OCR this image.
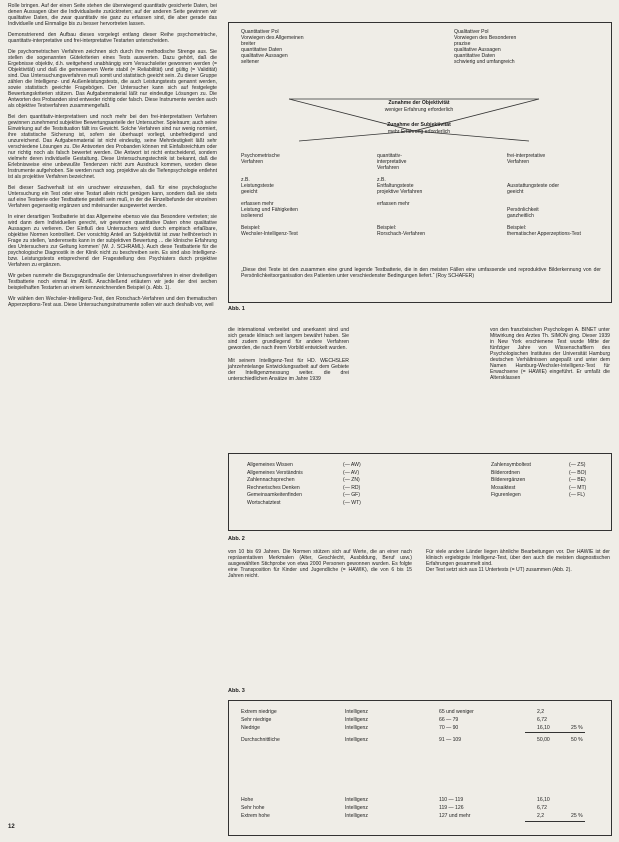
Rolle bringen. Auf der einen Seite stehen die überwiegend quantitativ gesicherte Daten, bei denen Aussagen über die Individualseite zurücktreten; auf der anderen Seite gewinnen wir qualitative Daten, die zwar quantitativ nie ganz zu erfassen sind, die aber gerade das Individuelle und Einmalige bis zu besser hervortreten lassen.

Demonstrierend den Aufbau dieses vorgelegt entlang dieser Reihe psychometrische, quantitativ-interpretative und frei-interpretative Testarten unterscheiden.

Die psychometrischen Verfahren zeichnen sich durch ihre methodische Strenge aus. Sie stellen die sogenannten Gütekriterien eines Tests auswerten. Dazu gehört, daß die Ergebnisse objektiv, d.h. weitgehend unabhängig vom Versuchsleiter gewonnen werden (= Objektivität) und daß die gemessenen Werte stabil (= Reliabilität) und gültig (= Validität) sind. Das Untersuchungsverfahren muß somit und statistisch geeicht sein. Zu dieser Gruppe zählen die Intelligenz- und Außenleistungstests, die auch Leistungstests genannt werden, sowie statistisch geeichte Fragebögen. Der Untersucher kann sich auf festgelegte Bewertungskriterien stützen. Das Aufgabenmaterial läßt nur eindeutige Lösungen zu. Die Antworten des Probanden sind entweder richtig oder falsch. Diese Instrumente werden auch als objektive Testverfahren zusammengefaßt.

Bei den quantitativ-interpretativen und noch mehr bei den frei-interpretativen Verfahren gewinnen zunehmend subjektive Bewertungsanteile der Untersucher. Spielraum; auch seine Einwirkung auf die Testsituation fällt ins Gewicht. Solche Verfahren sind nur wenig normiert, ihre statistische Sicherung ist, sofern sie überhaupt vorliegt, unbefriedigend und unzureichend. Das Aufgabenmaterial ist nicht eindeutig, seine Mehrdeutigkeit läßt sehr verschiedene Lösungen zu. Die Antworten des Probanden können mit Einfallsreichtum oder nur richtig noch als falsch bewertet werden. Die Antwort ist nicht entscheidend, sondern vielmehr deren individuelle Gestaltung. Diese Untersuchungstechnik ist bekannt, daß die Erlebnisweise eine unbewußte Tendenzen nicht zum Ausdruck kommen, worden diese Instrumente aufgehoben. Sie werden nach sog. projektive als die Tiefenpsychologie entlehnt ist als projektive Verfahren bezeichnet.

Bei dieser Sachverhalt ist ein unschwer einzusehen, daß für eine psychologische Untersuchung ein Test oder eine Testart allein nicht genügen kann, sondern daß sie stets auf eine Testserie oder Testbatterie gestellt sein muß, in der die Einzelbefunde der einzelnen Verfahren gegenseitig ergänzen und miteinander ausgewertet werden.

In einer derartigen Testbatterie ist das Allgemeine ebenso wie das Besondere vertreten; sie wird dann dem Individuellen gerecht, wir gewinnen quantitative Daten ohne qualitative Aussagen zu verlieren. Der Einfluß des Untersuchers wird durch empirisch erfaßbare, objektive Normen kontrolliert. Der vorsichtig Anteil an Subjektivität ist zwar hellhörerisch in Frage zu stellen, 'andererseits kann in der subjektiven Bewertung ... die klinische Erfahrung des Untersuchers zur Geltung kommen' (W. J. SCHRAML). Auch diese Testbatterie für die psychologische Diagnostik in der Klinik nicht zu beschreiben sein. Es sind also Intelligenz- bzw. Leistungstests entsprechend der Fragestellung des Psychiaters durch projektive Verfahren zu ergänzen.

Wir geben nunmehr die Bezugsgrundmaße der Untersuchungsverfahren in einer dreiteiligen Testbatterie noch einmal im Abriß. Anschließend erläutern wir jede der drei sechen beispielhaften Testarten an einem kennzeichnenden Beispiel (s. Abb. 1).

Wir wählen den Wechsler-Intelligenz-Test, den Rorschach-Verfahren und den thematischen Apperzeptions-Test aus. Diese Untersuchungsinstrumente sollen wir auch deshalb vor, weil

12
Quantitativer Pol
Vorwiegen des Allgemeinen
breiter
quantitative Daten
qualitative Aussagen
seltener
Qualitativer Pol
Vorwiegen des Besonderen
prazise
qualitative Aussagen
quantitative Daten
schwierig und umfangreich
Zunahme der Objektivität
weniger Erfahrung erforderlich
Zunahme der Subjektivität
mehr Erfahrung erforderlich
Psychometrische
Verfahren

z.B.
Leistungsteste
geeicht

erfassen mehr
Leistung und Fähigkeiten
isolierend

Beispiel:
Wechsler-Intelligenz-Test
quantitativ-
interpretative
Verfahren

z.B.
Entfaltungsteste
projektive Verfahren

erfassen mehr

Beispiel:
Rorschach-Verfahren
frei-interpretative
Verfahren

Ausstattungsteste oder
geeicht

Persönlichkeit
ganzheitlich

Beispiel:
thematischer Apperzeptions-Test
„Diese drei Teste ist den zusammen eine grund legende Testbatterie, die in den meisten Fällen eine umfassende und reproduktive Bilderkennung von der Persönlichkeitsorganisation des Patienten unter verschiedenster Bedingungen liefert.“ (Roy SCHAFER)
Abb. 1
die international verbreitet und anerkannt sind und sich gerade klinisch seit langem bewährt haben. Sie sind zudem grundlegend für andere Verfahren geworden, die nach ihrem Vorbild entwickelt wurden.
Mit seinem Intelligenz-Test für HD. WECHSLER jahrzehntelange Entwicklungsarbeit auf dem Gebiete der Intelligenzmessung weiter. die drei unterschiedlichen Ansätze im Jahre 1939
von den französischen Psychologen A. BINET unter Mitwirkung des Arztes Th. SIMON ging. Dieser 1939 in New York erschienene Test wurde Mitte der fünfziger Jahre von Wissenschaftlern des Psychologischen Institutes der Universität Hamburg deutschen Verhältnissen angepaßt und unter dem Namen Hamburg-Wechsler-Intelligenz-Test für Erwachsene (= HAWIE) eingeführt. Er umfaßt die Altersklassen
Allgemeines Wissen	(— AW)
Allgemeines Verständnis	(— AV)
Zahlennachsprechen	(— ZN)
Rechnerisches Denken	(— RD)
Gemeinsamkeitenfinden	(— GF)
Wortschatztest	(— WT)
Zahlensymboltest	(— ZS)
Bilderordnen	(— BO)
Bilderergänzen	(— BE)
Mosaiktest	(— MT)
Figurenlegen	(— FL)
Abb. 2
von 10 bis 69 Jahren. Die Normen stützen sich auf Werte, die an einer nach repräsentativen Merkmalen (Alter, Geschlecht, Ausbildung, Beruf usw.) ausgewählten Stichprobe von etwa 2000 Personen gewonnen wurden. Es folgte eine Transposition für Kinder und Jugendliche (= HAWIK), die von 6 bis 15 Jahren reicht.
Für viele andere Länder liegen ähnliche Bearbeitungen vor. Der HAWIE ist der klinisch ergiebigste Intelligenz-Test, über den auch die meisten diagnostischen Erfahrungen gesammelt sind.
Der Test setzt sich aus 11 Untertests (= UT) zusammen (Abb. 2).
Abb. 3
Extrem niedrige	Intelligenz	65 und weniger	2,2
Sehr niedrige	Intelligenz	66 — 79	6,72
Niedrige	Intelligenz	70 — 90	16,10	25 %
Durchschnittliche	Intelligenz	91 — 109	50,00	50 %
Hohe	Intelligenz	110 — 119	16,10
Sehr hohe	Intelligenz	119 — 126	6,72
Extrem hohe	Intelligenz	127 und mehr	2,2	25 %
